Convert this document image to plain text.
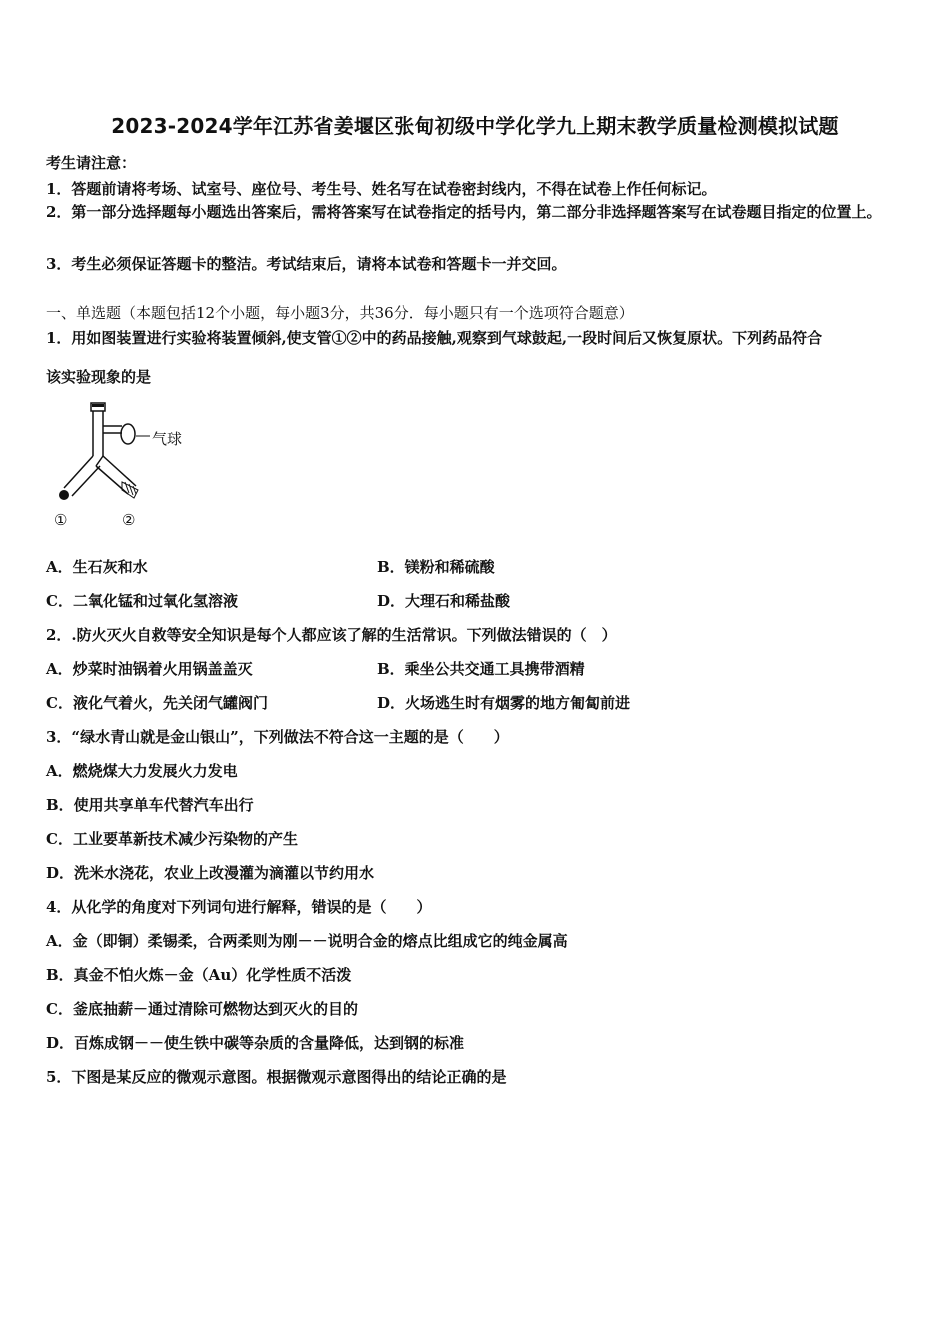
2023-2024学年江苏省姜堰区张甸初级中学化学九上期末教学质量检测模拟试题
考生请注意：
1．答题前请将考场、试室号、座位号、考生号、姓名写在试卷密封线内，不得在试卷上作任何标记。
2．第一部分选择题每小题选出答案后，需将答案写在试卷指定的括号内，第二部分非选择题答案写在试卷题目指定的位置上。
3．考生必须保证答题卡的整洁。考试结束后，请将本试卷和答题卡一并交回。
一、单选题（本题包括12个小题，每小题3分，共36分．每小题只有一个选项符合题意）
1．用如图装置进行实验将装置倾斜,使支管①②中的药品接触,观察到气球鼓起,一段时间后又恢复原状。下列药品符合
该实验现象的是
气球
①	②
A．生石灰和水	B．镁粉和稀硫酸
C．二氧化锰和过氧化氢溶液	D．大理石和稀盐酸
2．.防火灭火自救等安全知识是每个人都应该了解的生活常识。下列做法错误的（　）
A．炒菜时油锅着火用锅盖盖灭	B．乘坐公共交通工具携带酒精
C．液化气着火，先关闭气罐阀门	D．火场逃生时有烟雾的地方匍匐前进
3．“绿水青山就是金山银山”，下列做法不符合这一主题的是（　　）
A．燃烧煤大力发展火力发电
B．使用共享单车代替汽车出行
C．工业要革新技术减少污染物的产生
D．洗米水浇花，农业上改漫灌为滴灌以节约用水
4．从化学的角度对下列词句进行解释，错误的是（　　）
A．金（即铜）柔锡柔，合两柔则为刚－－说明合金的熔点比组成它的纯金属高
B．真金不怕火炼－金（Au）化学性质不活泼
C．釜底抽薪－通过清除可燃物达到灭火的目的
D．百炼成钢－－使生铁中碳等杂质的含量降低，达到钢的标准
5．下图是某反应的微观示意图。根据微观示意图得出的结论正确的是
